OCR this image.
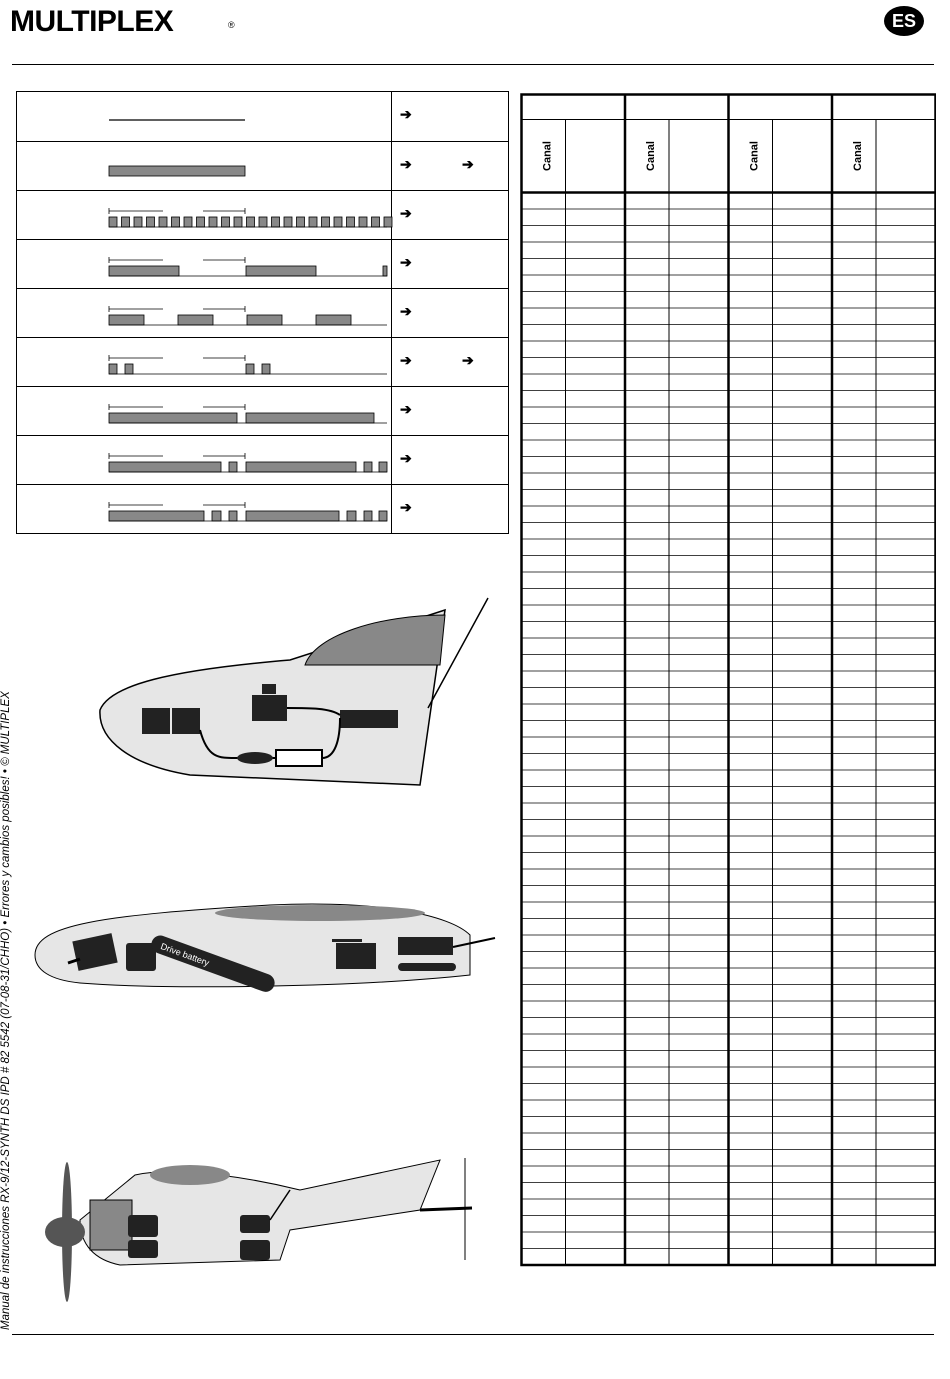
MULTIPLEX	®	ES
Manual de instrucciones RX-9/12-SYNTH DS IPD # 82 5542 (07-08-31/CHHO) • Errores y cambios posibles! • © MULTIPLEX
➔
➔	➔
➔
➔
➔
➔	➔
➔
➔
➔
Canal	Canal	Canal	Canal
Drive battery
